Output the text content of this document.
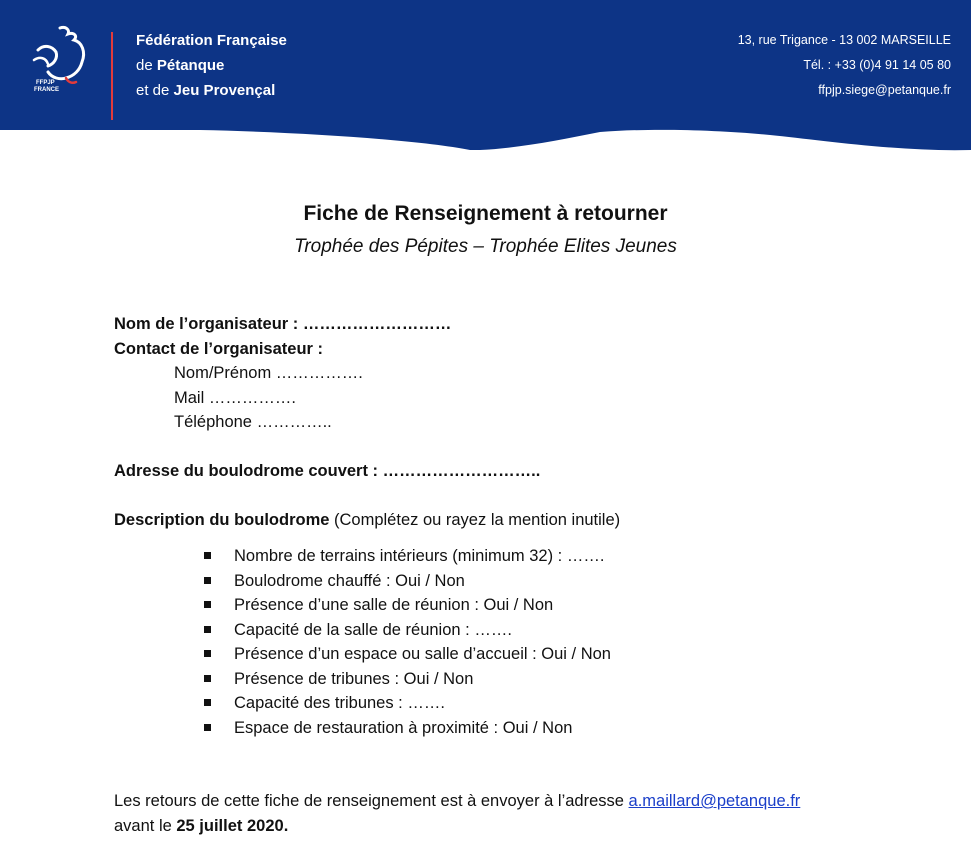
FFPJP
FRANCE
Fédération Française
de Pétanque
et de Jeu Provençal
13, rue Trigance - 13 002 MARSEILLE
Tél. : +33 (0)4 91 14 05 80
ffpjp.siege@petanque.fr
Fiche de Renseignement à retourner
Trophée des Pépites – Trophée Elites Jeunes
Nom de l’organisateur : ………………………
Contact de l’organisateur :
Nom/Prénom …………….
Mail …………….
Téléphone …………..
Adresse du boulodrome couvert : ………………………..
Description du boulodrome (Complétez ou rayez la mention inutile)
Nombre de terrains intérieurs (minimum 32) : …….
Boulodrome chauffé : Oui / Non
Présence d’une salle de réunion : Oui / Non
Capacité de la salle de réunion : …….
Présence d’un espace ou salle d’accueil : Oui / Non
Présence de tribunes : Oui / Non
Capacité des tribunes : …….
Espace de restauration à proximité : Oui / Non
Les retours de cette fiche de renseignement est à envoyer à l’adresse a.maillard@petanque.fr
avant le 25 juillet 2020.
